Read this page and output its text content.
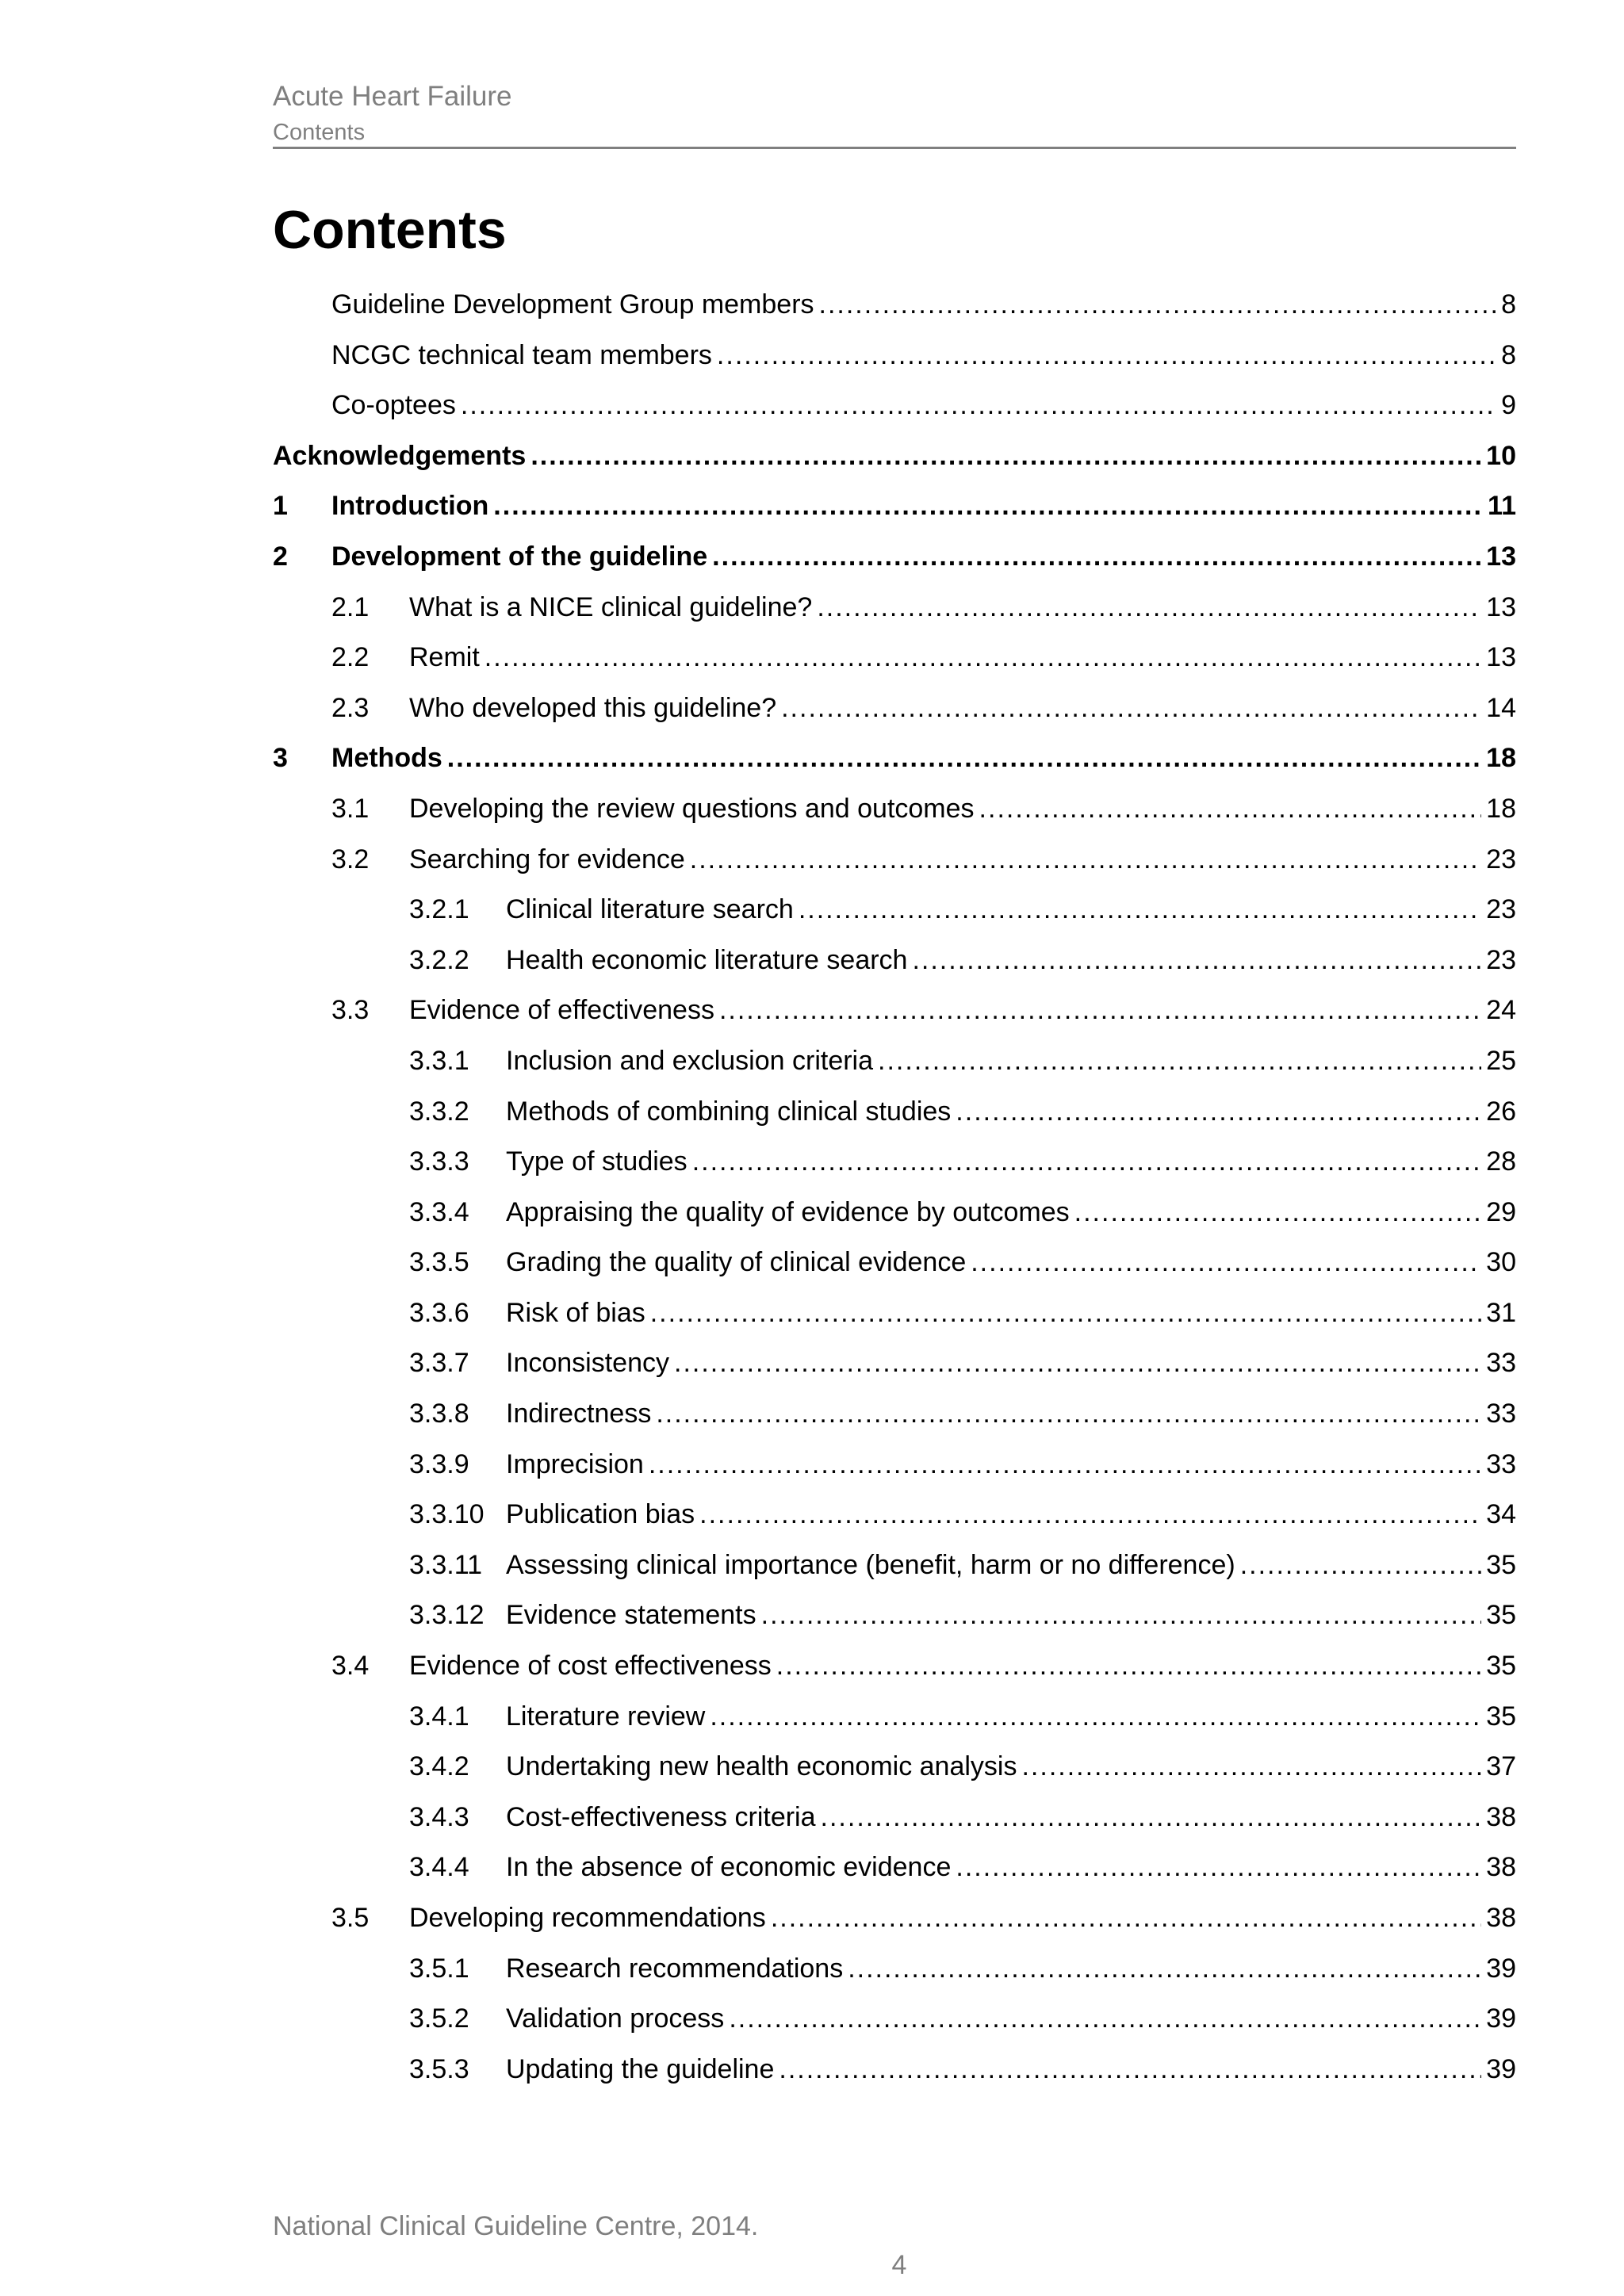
Acute Heart Failure
Contents
Contents
Guideline Development Group members .....	8
NCGC technical team members .....	8
Co-optees .....	9
Acknowledgements .....	10
1 Introduction .....	11
2 Development of the guideline .....	13
2.1 What is a NICE clinical guideline? .....	13
2.2 Remit .....	13
2.3 Who developed this guideline? .....	14
3 Methods .....	18
3.1 Developing the review questions and outcomes .....	18
3.2 Searching for evidence .....	23
3.2.1 Clinical literature search .....	23
3.2.2 Health economic literature search .....	23
3.3 Evidence of effectiveness .....	24
3.3.1 Inclusion and exclusion criteria .....	25
3.3.2 Methods of combining clinical studies .....	26
3.3.3 Type of studies .....	28
3.3.4 Appraising the quality of evidence by outcomes .....	29
3.3.5 Grading the quality of clinical evidence .....	30
3.3.6 Risk of bias .....	31
3.3.7 Inconsistency .....	33
3.3.8 Indirectness .....	33
3.3.9 Imprecision .....	33
3.3.10 Publication bias .....	34
3.3.11 Assessing clinical importance (benefit, harm or no difference) .....	35
3.3.12 Evidence statements .....	35
3.4 Evidence of cost effectiveness .....	35
3.4.1 Literature review .....	35
3.4.2 Undertaking new health economic analysis .....	37
3.4.3 Cost-effectiveness criteria .....	38
3.4.4 In the absence of economic evidence .....	38
3.5 Developing recommendations .....	38
3.5.1 Research recommendations .....	39
3.5.2 Validation process .....	39
3.5.3 Updating the guideline .....	39
National Clinical Guideline Centre, 2014.
4
